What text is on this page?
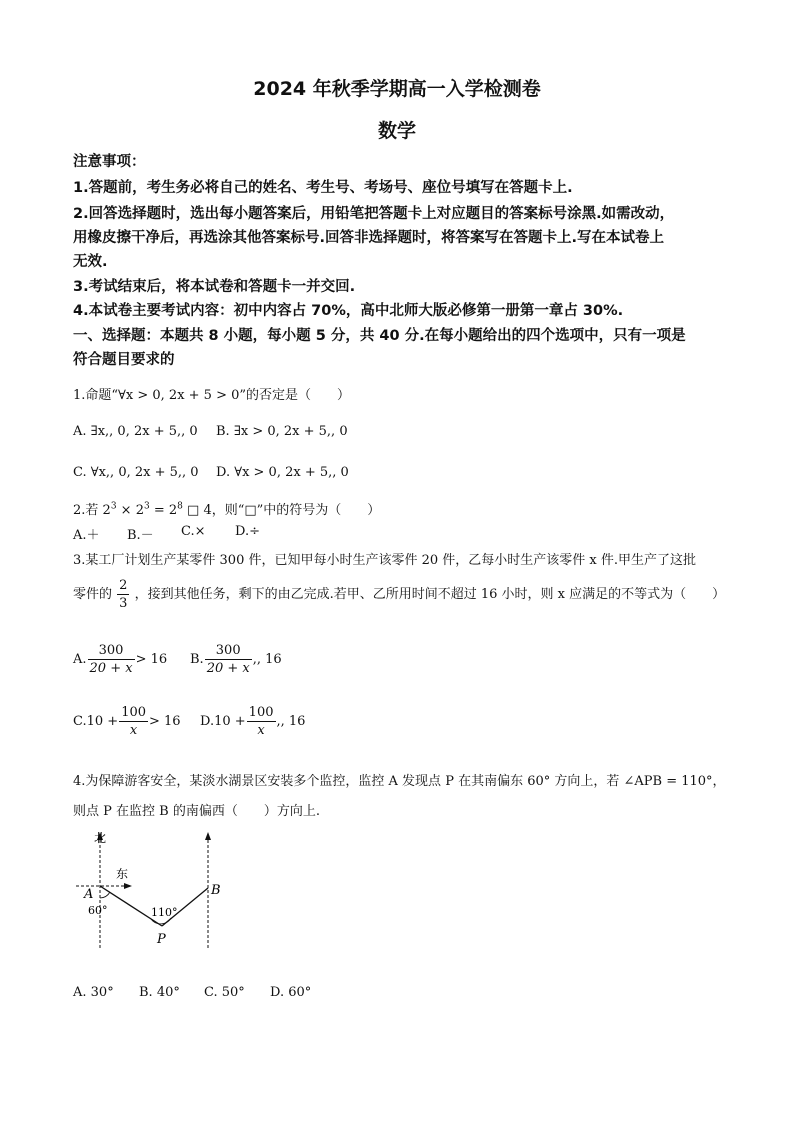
2024 年秋季学期高一入学检测卷
数学
注意事项：
1.答题前，考生务必将自己的姓名、考生号、考场号、座位号填写在答题卡上.
2.回答选择题时，选出每小题答案后，用铅笔把答题卡上对应题目的答案标号涂黑.如需改动，
用橡皮擦干净后，再选涂其他答案标号.回答非选择题时，将答案写在答题卡上.写在本试卷上
无效.
3.考试结束后，将本试卷和答题卡一并交回.
4.本试卷主要考试内容：初中内容占 70%，高中北师大版必修第一册第一章占 30%.
一、选择题：本题共 8 小题，每小题 5 分，共 40 分.在每小题给出的四个选项中，只有一项是
符合题目要求的
1.命题“∀x > 0, 2x + 5 > 0”的否定是（　　）
A. ∃x,, 0, 2x + 5,, 0 B. ∃x > 0, 2x + 5,, 0
C. ∀x,, 0, 2x + 5,, 0 D. ∀x > 0, 2x + 5,, 0
2.若 $2^3 \times 2^3 = 2^8$ □ 4，则“□”中的符号为（　　）
A.＋ B.－ C.× D.÷
3.某工厂计划生产某零件 300 件，已知甲每小时生产该零件 20 件，乙每小时生产该零件 x 件.甲生产了这批
零件的 $\frac{2}{3}$ ，接到其他任务，剩下的由乙完成.若甲、乙所用时间不超过 16 小时，则 x 应满足的不等式为（　　）
A. $\frac{300}{20 + x} > 16$ B. $\frac{300}{20 + x}$ ,, 16
$C.10 + \frac{100}{x} > 16$ $D.10 + \frac{100}{x}$ ,, 16
4.为保障游客安全，某淡水湖景区安装多个监控，监控 A 发现点 P 在其南偏东 60° 方向上，若 ∠APB = 110°，
则点 P 在监控 B 的南偏西（　　）方向上.
北
东
A	B
P
60°	110°
A. 30° B. 40° C. 50° D. 60°
